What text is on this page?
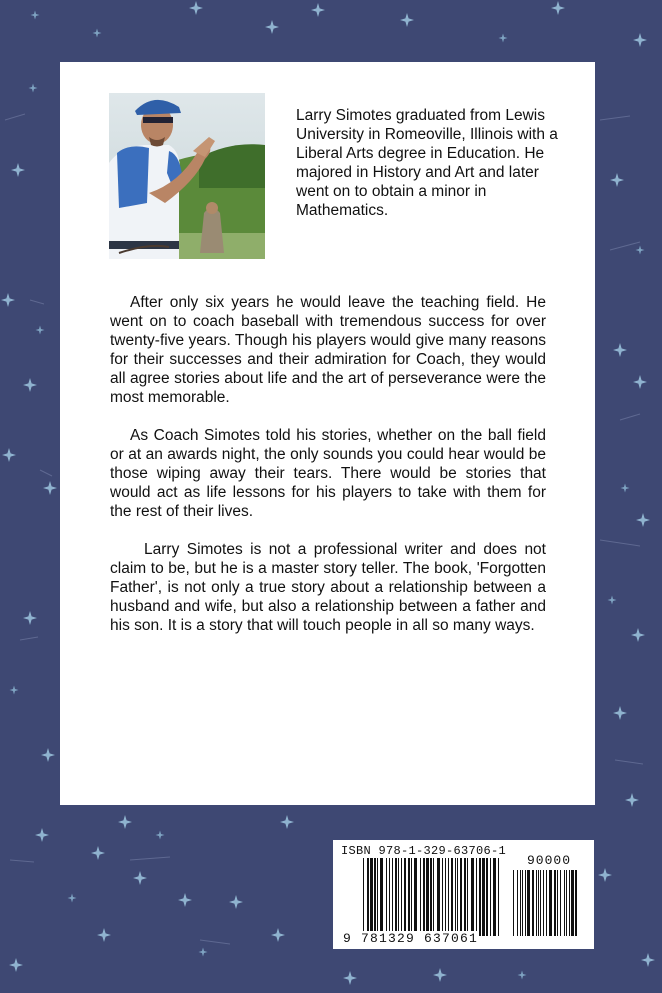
Larry Simotes graduated from Lewis University in Romeoville, Illinois with a Liberal Arts degree in Education. He majored in History and Art and later went on to obtain a minor in Mathematics.

After only six years he would leave the teaching field. He went on to coach baseball with tremendous success for over twenty-five years. Though his players would give many reasons for their successes and their admiration for Coach, they would all agree stories about life and the art of perseverance were the most memorable.

As Coach Simotes told his stories, whether on the ball field or at an awards night, the only sounds you could hear would be those wiping away their tears. There would be stories that would act as life lessons for his players to take with them for the rest of their lives.

Larry Simotes is not a professional writer and does not claim to be, but he is a master story teller. The book, 'Forgotten Father', is not only a true story about a relationship between a husband and wife, but also a relationship between a father and his son. It is a story that will touch people in all so many ways.

ISBN 978-1-329-63706-1
90000
9 781329 637061
